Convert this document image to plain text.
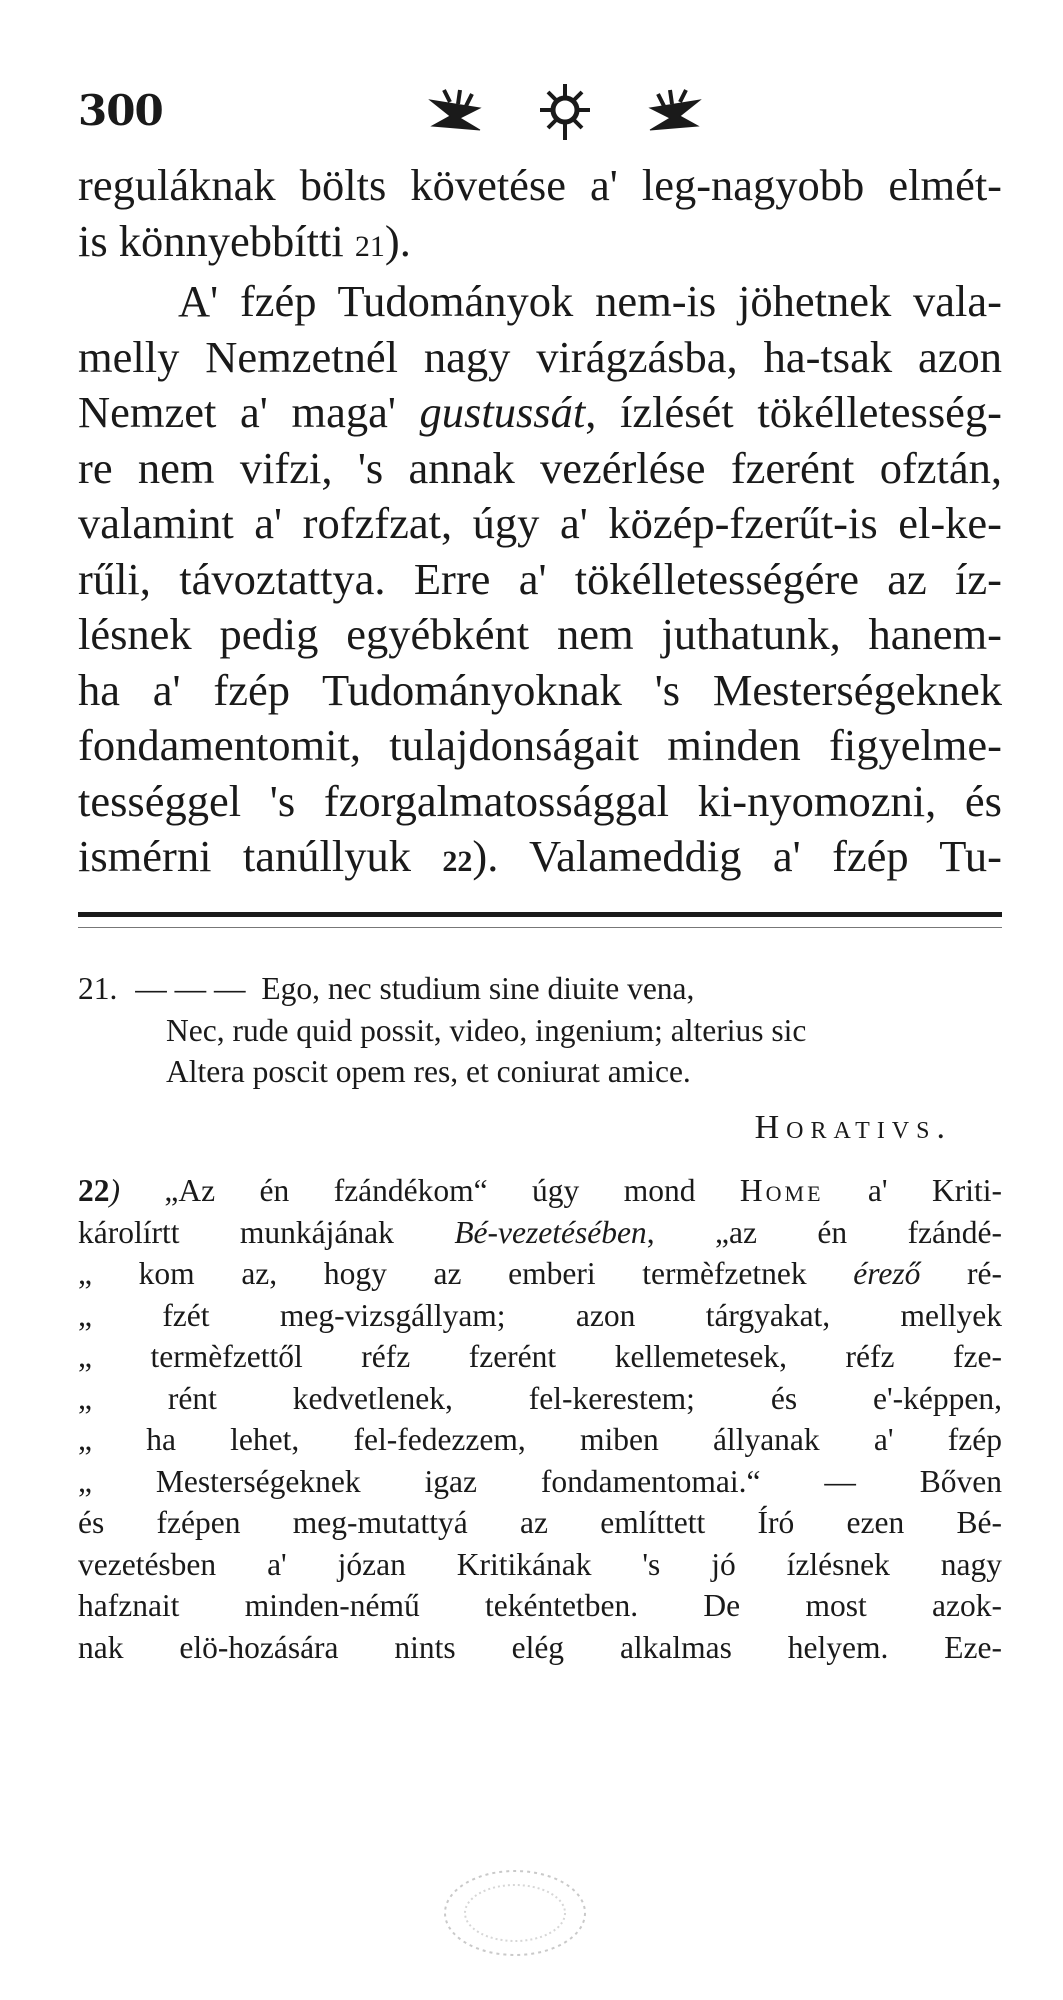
300
reguláknak bölts követése a' leg-nagyobb elmét-
is könnyebbítti 21).
A' fzép Tudományok nem-is jöhetnek vala-
melly Nemzetnél nagy virágzásba, ha-tsak azon
Nemzet a' maga' gustussát, ízlését tökélletesség-
re nem vifzi, 's annak vezérlése fzerént ofztán,
valamint a' rofzfzat, úgy a' közép-fzerűt-is el-ke-
rűli, távoztattya. Erre a' tökélletességére az íz-
lésnek pedig egyébként nem juthatunk, hanem-
ha a' fzép Tudományoknak 's Mesterségeknek
fondamentomit, tulajdonságait minden figyelme-
tességgel 's fzorgalmatossággal ki-nyomozni, és
ismérni tanúllyuk 22). Valameddig a' fzép Tu-
21. — — — Ego, nec studium sine diuite vena,
Nec, rude quid possit, video, ingenium; alterius sic
Altera poscit opem res, et coniurat amice.
Horativs.
22) „Az én fzándékom“ úgy mond Home a' Kriti-
károlírtt munkájának Bé-vezetésében, „az én fzándé-
„ kom az, hogy az emberi termèfzetnek érező ré-
„ fzét meg-vizsgállyam; azon tárgyakat, mellyek
„ termèfzettől réfz fzerént kellemetesek, réfz fze-
„ rént kedvetlenek, fel-kerestem; és e'-képpen,
„ ha lehet, fel-fedezzem, miben állyanak a' fzép
„ Mesterségeknek igaz fondamentomai.“ — Bőven
és fzépen meg-mutattyá az említtett Író ezen Bé-
vezetésben a' józan Kritikának 's jó ízlésnek nagy
hafznait minden-némű tekéntetben. De most azok-
nak elö-hozására nints elég alkalmas helyem. Eze-
